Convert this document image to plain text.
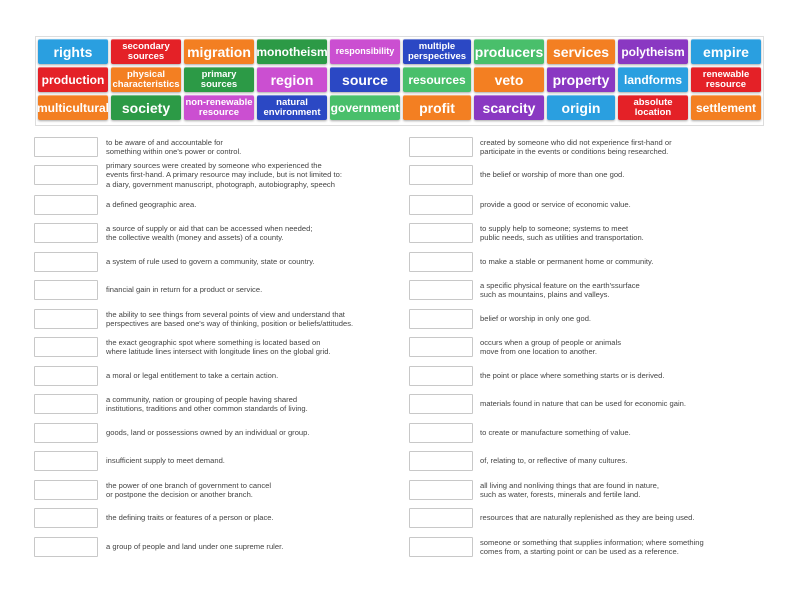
rights	secondary sources	migration monotheism responsibility	multiple perspectives producers services polytheism empire
production	physical characteristics
primary sources	region source resources veto property landforms	renewable resource
multicultural society non-renewable resource
natural environment government profit scarcity origin	absolute location	settlement
to be aware of and accountable for
something within one's power or control.
primary sources were created by someone who experienced the
events first-hand. A primary resource may include, but is not limited to:
a diary, government manuscript, photograph, autobiography, speech
a defined geographic area.
a source of supply or aid that can be accessed when needed;
the collective wealth (money and assets) of a county.
a system of rule used to govern a community, state or country.
financial gain in return for a product or service.
the ability to see things from several points of view and understand that
perspectives are based one's way of thinking, position or beliefs/attitudes.
the exact geographic spot where something is located based on
where latitude lines intersect with longitude lines on the global grid.
a moral or legal entitlement to take a certain action.
a community, nation or grouping of people having shared
institutions, traditions and other common standards of living.
goods, land or possessions owned by an individual or group.
insufficient supply to meet demand.
the power of one branch of government to cancel
or postpone the decision or another branch.
the defining traits or features of a person or place.
a group of people and land under one supreme ruler.
created by someone who did not experience first-hand or
participate in the events or conditions being researched.
the belief or worship of more than one god.
provide a good or service of economic value.
to supply help to someone; systems to meet
public needs, such as utilities and transportation.
to make a stable or permanent home or community.
a specific physical feature on the earth'ssurface
such as mountains, plains and valleys.
belief or worship in only one god.
occurs when a group of people or animals
move from one location to another.
the point or place where something starts or is derived.
materials found in nature that can be used for economic gain.
to create or manufacture something of value.
of, relating to, or reflective of many cultures.
all living and nonliving things that are found in nature,
such as water, forests, minerals and fertile land.
resources that are naturally replenished as they are being used.
someone or something that supplies information; where something
comes from, a starting point or can be used as a reference.
